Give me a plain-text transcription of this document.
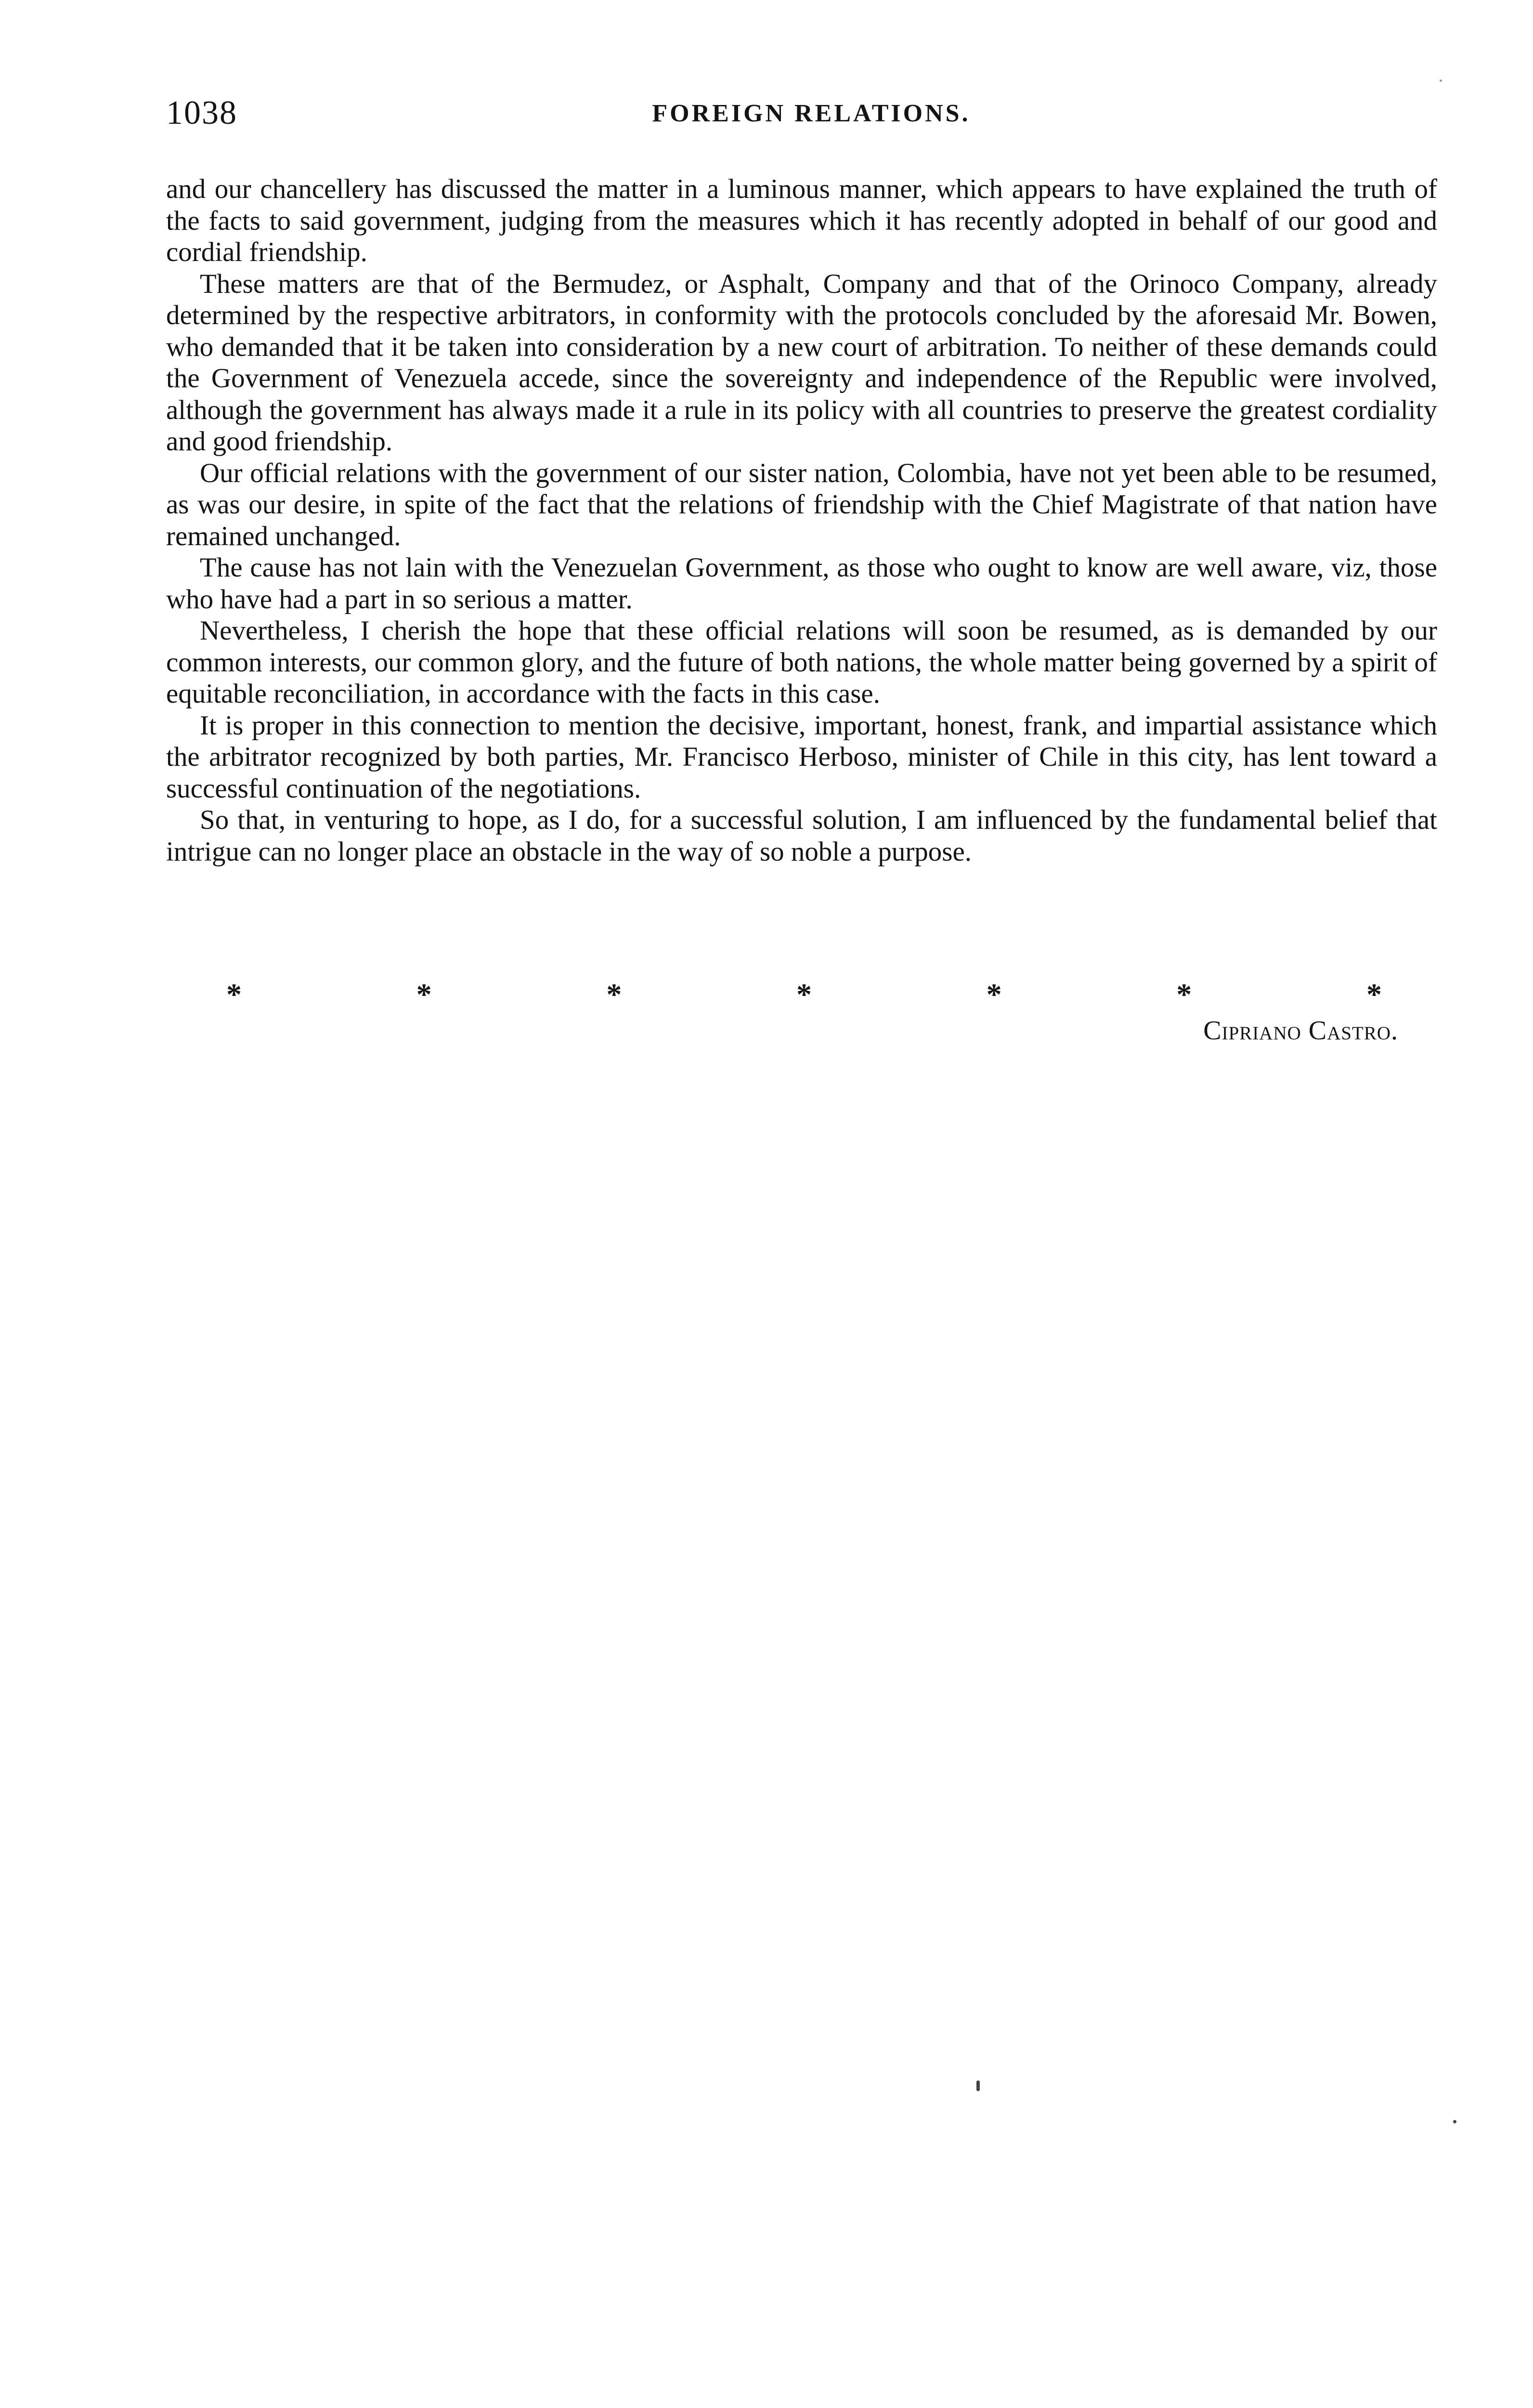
1038	FOREIGN RELATIONS.

and our chancellery has discussed the matter in a luminous manner, which appears to have explained the truth of the facts to said government, judging from the measures which it has recently adopted in behalf of our good and cordial friendship.

These matters are that of the Bermudez, or Asphalt, Company and that of the Orinoco Company, already determined by the respective arbitrators, in conformity with the protocols concluded by the aforesaid Mr. Bowen, who demanded that it be taken into consideration by a new court of arbitration. To neither of these demands could the Government of Venezuela accede, since the sovereignty and independence of the Republic were involved, although the government has always made it a rule in its policy with all countries to preserve the greatest cordiality and good friendship.

Our official relations with the government of our sister nation, Colombia, have not yet been able to be resumed, as was our desire, in spite of the fact that the relations of friendship with the Chief Magistrate of that nation have remained unchanged.

The cause has not lain with the Venezuelan Government, as those who ought to know are well aware, viz, those who have had a part in so serious a matter.

Nevertheless, I cherish the hope that these official relations will soon be resumed, as is demanded by our common interests, our common glory, and the future of both nations, the whole matter being governed by a spirit of equitable reconciliation, in accordance with the facts in this case.

It is proper in this connection to mention the decisive, important, honest, frank, and impartial assistance which the arbitrator recognized by both parties, Mr. Francisco Herboso, minister of Chile in this city, has lent toward a successful continuation of the negotiations.

So that, in venturing to hope, as I do, for a successful solution, I am influenced by the fundamental belief that intrigue can no longer place an obstacle in the way of so noble a purpose.

*	*	*	*	*	*	*
Cipriano Castro.
